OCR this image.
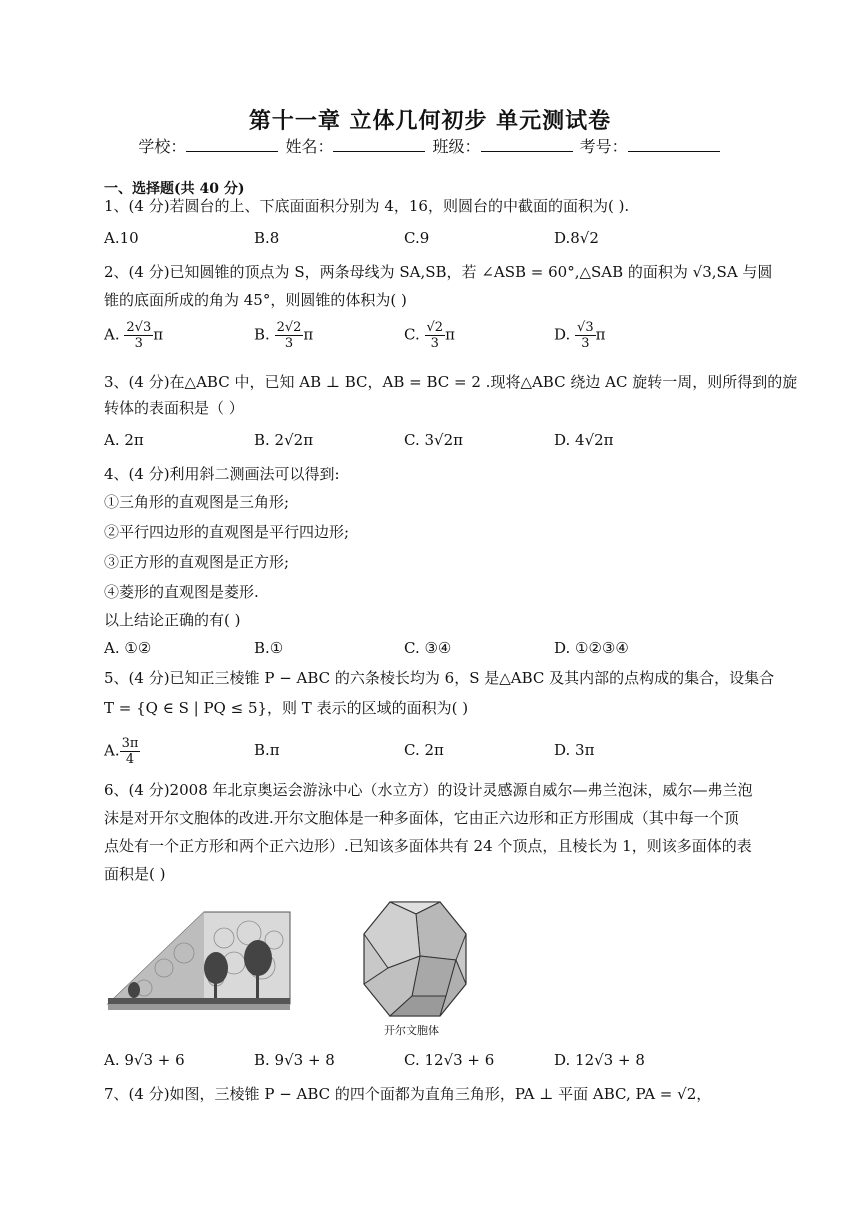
第十一章 立体几何初步 单元测试卷
学校：	姓名：	班级：	考号：
一、选择题(共 40 分)
1、(4 分)若圆台的上、下底面面积分别为 4，16，则圆台的中截面的面积为( ).
A.10	B.8	C.9	D.8√2
2、(4 分)已知圆锥的顶点为 S，两条母线为 SA,SB，若 ∠ASB = 60°,△SAB 的面积为 √3,SA 与圆
锥的底面所成的角为 45°，则圆锥的体积为( )
A. $\frac{2√3}{3}$ π	B. $\frac{2√2}{3}$ π	C. $\frac{√2}{3}$ π	D. $\frac{√3}{3}$ π
3、(4 分)在△ABC 中，已知 AB ⊥ BC，AB = BC = 2 .现将△ABC 绕边 AC 旋转一周，则所得到的旋
转体的表面积是（ ）
A. 2π	B. 2√2π	C. 3√2π	D. 4√2π
4、(4 分)利用斜二测画法可以得到:
①三角形的直观图是三角形;
②平行四边形的直观图是平行四边形;
③正方形的直观图是正方形;
④菱形的直观图是菱形.
以上结论正确的有( )
A. ①②	B.①	C. ③④	D. ①②③④
5、(4 分)已知正三棱锥 P − ABC 的六条棱长均为 6，S 是△ABC 及其内部的点构成的集合，设集合
T = {Q ∈ S | PQ ≤ 5}，则 T 表示的区域的面积为( )
A. $\frac{3\pi}{4}$	B.π	C. 2π	D. 3π
6、(4 分)2008 年北京奥运会游泳中心（水立方）的设计灵感源自威尔—弗兰泡沫，威尔—弗兰泡
沫是对开尔文胞体的改进.开尔文胞体是一种多面体，它由正六边形和正方形围成（其中每一个顶
点处有一个正方形和两个正六边形）.已知该多面体共有 24 个顶点，且棱长为 1，则该多面体的表
面积是( )
开尔文胞体
A. 9√3 + 6	B. 9√3 + 8	C. 12√3 + 6	D. 12√3 + 8
7、(4 分)如图，三棱锥 P − ABC 的四个面都为直角三角形，PA ⊥ 平面 ABC, PA = √2，
